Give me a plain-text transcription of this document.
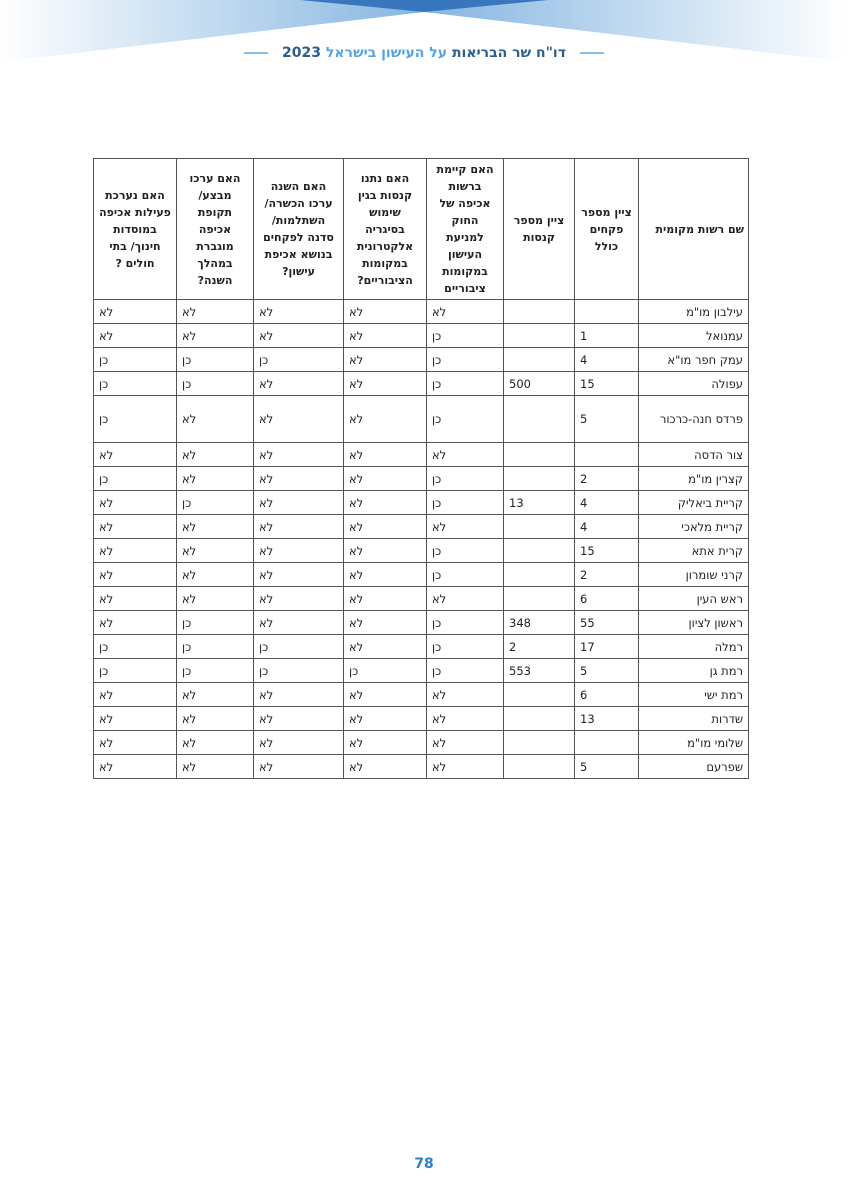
דו"ח שר הבריאות על העישון בישראל 2023
שם רשות מקומית	ציין מספר פקחים כולל	ציין מספר קנסות	האם קיימת ברשות אכיפה של החוק למניעת העישון במקומות ציבוריים	האם נתנו קנסות בגין שימוש בסיגריה אלקטרונית במקומות הציבוריים?	האם השנה ערכו הכשרה/ השתלמות/ סדנה לפקחים בנושא אכיפת עישון?	האם ערכו מבצע/ תקופת אכיפה מוגברת במהלך השנה?	האם נערכת פעילות אכיפה במוסדות חינוך/ בתי חולים ?
עילבון מו"מ			לא	לא	לא	לא	לא
עמנואל	1		כן	לא	לא	לא	לא
עמק חפר מו"א	4		כן	לא	כן	כן	כן
עפולה	15	500	כן	לא	לא	כן	כן
פרדס חנה-כרכור	5		כן	לא	לא	לא	כן
צור הדסה			לא	לא	לא	לא	לא
קצרין מו"מ	2		כן	לא	לא	לא	כן
קריית ביאליק	4	13	כן	לא	לא	כן	לא
קריית מלאכי	4		לא	לא	לא	לא	לא
קרית אתא	15		כן	לא	לא	לא	לא
קרני שומרון	2		כן	לא	לא	לא	לא
ראש העין	6		לא	לא	לא	לא	לא
ראשון לציון	55	348	כן	לא	לא	כן	לא
רמלה	17	2	כן	לא	כן	כן	כן
רמת גן	5	553	כן	כן	כן	כן	כן
רמת ישי	6		לא	לא	לא	לא	לא
שדרות	13		לא	לא	לא	לא	לא
שלומי מו"מ			לא	לא	לא	לא	לא
שפרעם	5		לא	לא	לא	לא	לא
78
